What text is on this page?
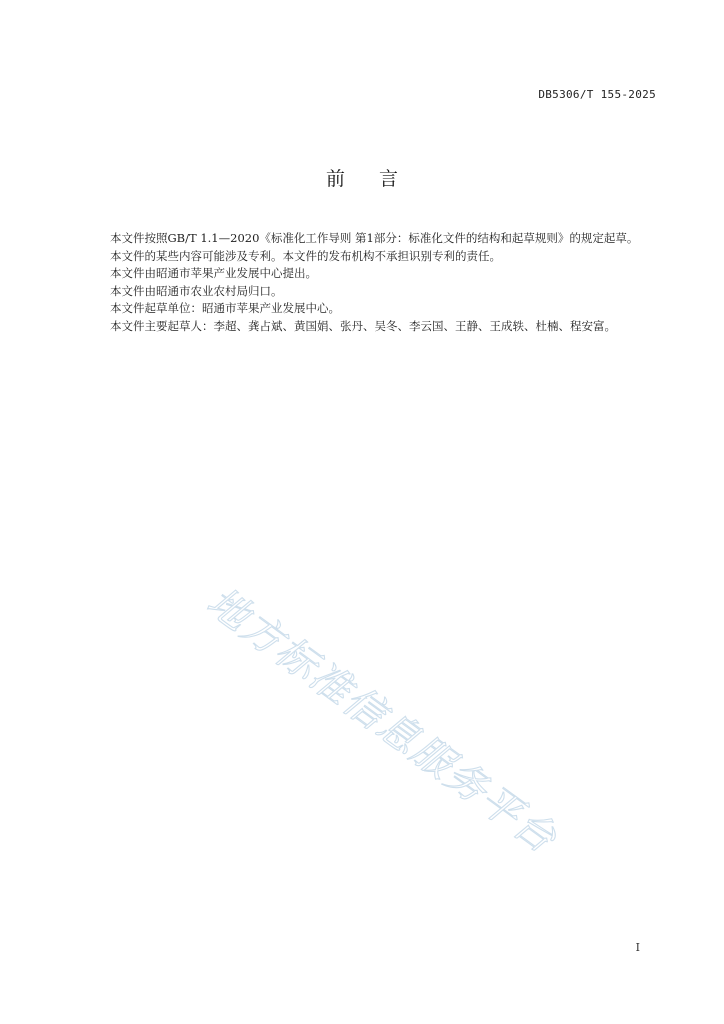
DB5306/T 155-2025
前言

本文件按照GB/T 1.1—2020《标准化工作导则 第1部分：标准化文件的结构和起草规则》的规定起草。

本文件的某些内容可能涉及专利。本文件的发布机构不承担识别专利的责任。

本文件由昭通市苹果产业发展中心提出。

本文件由昭通市农业农村局归口。

本文件起草单位：昭通市苹果产业发展中心。

本文件主要起草人：李超、龚占斌、黄国娟、张丹、吴冬、李云国、王静、王成轶、杜楠、程安富。

地方标准信息服务平台
I
